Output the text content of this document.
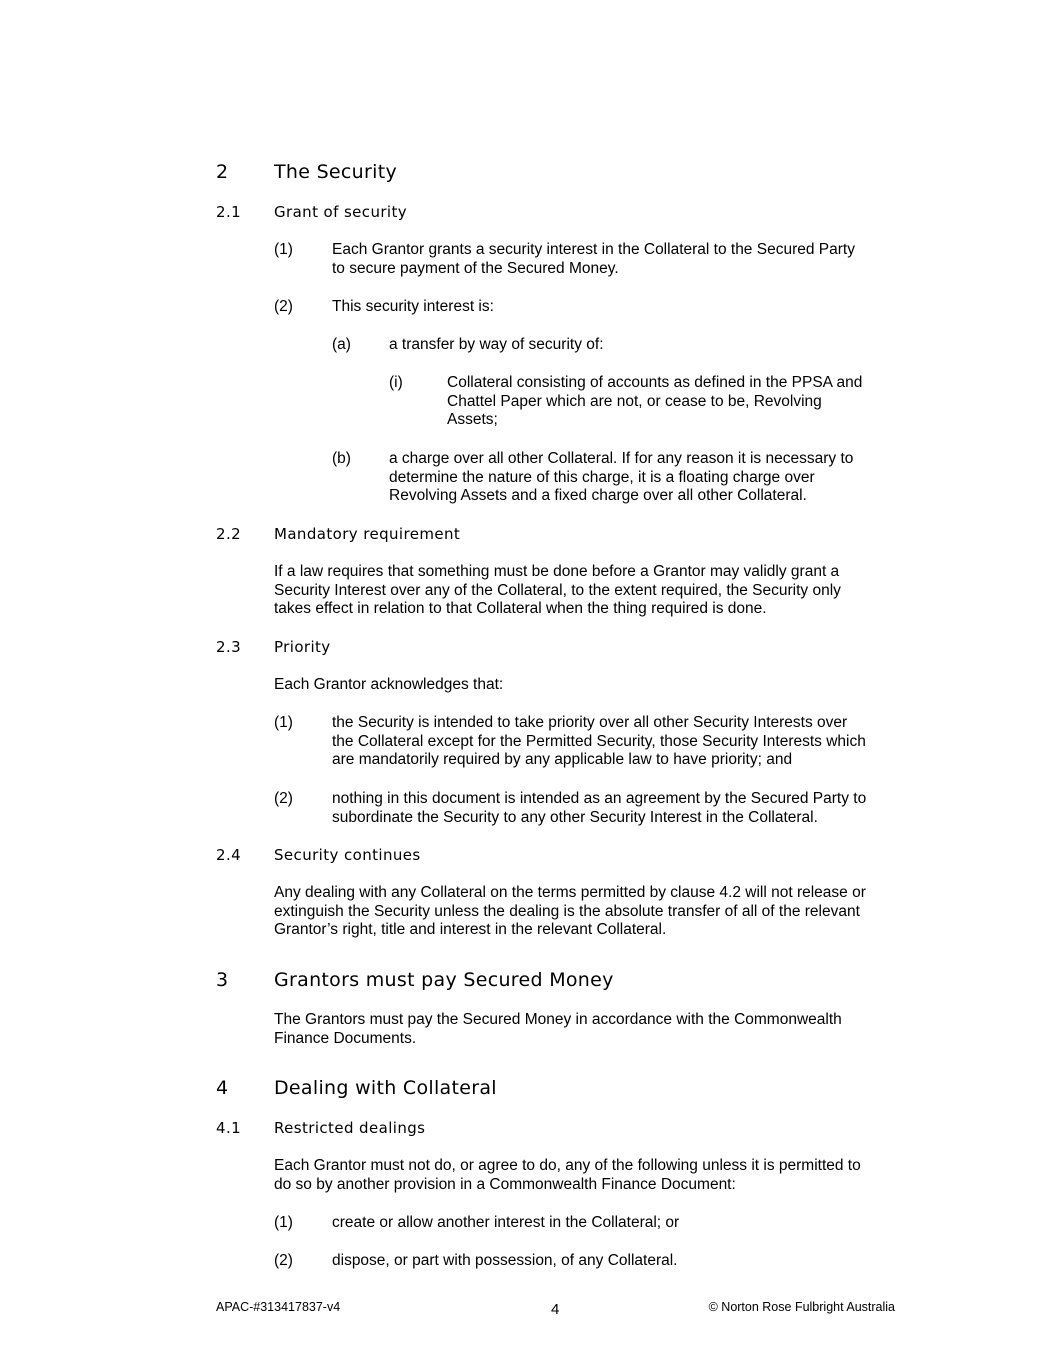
2 The Security
2.1 Grant of security
(1)	Each Grantor grants a security interest in the Collateral to the Secured Party
to secure payment of the Secured Money.
(2)	This security interest is:
(a) a transfer by way of security of:
(i)	Collateral consisting of accounts as defined in the PPSA and
Chattel Paper which are not, or cease to be, Revolving
Assets;
(b) a charge over all other Collateral. If for any reason it is necessary to
determine the nature of this charge, it is a floating charge over
Revolving Assets and a fixed charge over all other Collateral.
2.2 Mandatory requirement
If a law requires that something must be done before a Grantor may validly grant a
Security Interest over any of the Collateral, to the extent required, the Security only
takes effect in relation to that Collateral when the thing required is done.
2.3 Priority
Each Grantor acknowledges that:
(1)	the Security is intended to take priority over all other Security Interests over
the Collateral except for the Permitted Security, those Security Interests which
are mandatorily required by any applicable law to have priority; and
(2)	nothing in this document is intended as an agreement by the Secured Party to
subordinate the Security to any other Security Interest in the Collateral.
2.4 Security continues
Any dealing with any Collateral on the terms permitted by clause 4.2 will not release or
extinguish the Security unless the dealing is the absolute transfer of all of the relevant
Grantor’s right, title and interest in the relevant Collateral.
3 Grantors must pay Secured Money
The Grantors must pay the Secured Money in accordance with the Commonwealth
Finance Documents.
4 Dealing with Collateral
4.1 Restricted dealings
Each Grantor must not do, or agree to do, any of the following unless it is permitted to
do so by another provision in a Commonwealth Finance Document:
(1)	create or allow another interest in the Collateral; or
(2)	dispose, or part with possession, of any Collateral.
APAC-#313417837-v4	4	© Norton Rose Fulbright Australia
